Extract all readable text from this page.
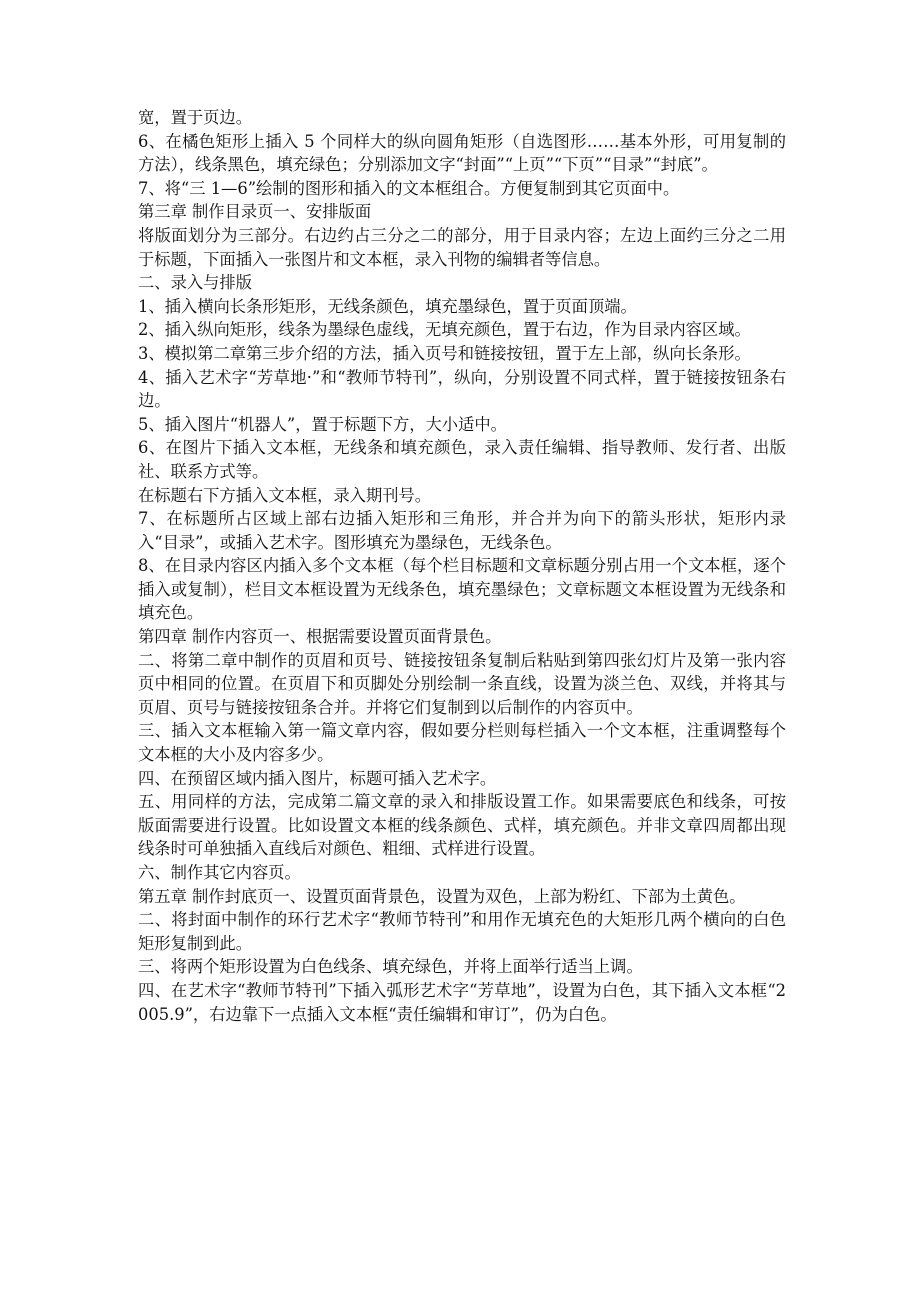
宽，置于页边。

6、在橘色矩形上插入 5 个同样大的纵向圆角矩形（自选图形……基本外形，可用复制的方法），线条黑色，填充绿色；分别添加文字“封面”“上页”“下页”“目录”“封底”。

7、将“三 1—6”绘制的图形和插入的文本框组合。方便复制到其它页面中。

第三章 制作目录页一、安排版面

将版面划分为三部分。右边约占三分之二的部分，用于目录内容；左边上面约三分之二用于标题，下面插入一张图片和文本框，录入刊物的编辑者等信息。

二、录入与排版

1、插入横向长条形矩形，无线条颜色，填充墨绿色，置于页面顶端。

2、插入纵向矩形，线条为墨绿色虚线，无填充颜色，置于右边，作为目录内容区域。

3、模拟第二章第三步介绍的方法，插入页号和链接按钮，置于左上部，纵向长条形。

4、插入艺术字“芳草地·”和“教师节特刊”，纵向，分别设置不同式样，置于链接按钮条右边。

5、插入图片“机器人”，置于标题下方，大小适中。

6、在图片下插入文本框，无线条和填充颜色，录入责任编辑、指导教师、发行者、出版社、联系方式等。

在标题右下方插入文本框，录入期刊号。

7、在标题所占区域上部右边插入矩形和三角形，并合并为向下的箭头形状，矩形内录入“目录”，或插入艺术字。图形填充为墨绿色，无线条色。

8、在目录内容区内插入多个文本框（每个栏目标题和文章标题分别占用一个文本框，逐个插入或复制），栏目文本框设置为无线条色，填充墨绿色；文章标题文本框设置为无线条和填充色。

第四章 制作内容页一、根据需要设置页面背景色。

二、将第二章中制作的页眉和页号、链接按钮条复制后粘贴到第四张幻灯片及第一张内容页中相同的位置。在页眉下和页脚处分别绘制一条直线，设置为淡兰色、双线，并将其与页眉、页号与链接按钮条合并。并将它们复制到以后制作的内容页中。

三、插入文本框输入第一篇文章内容，假如要分栏则每栏插入一个文本框，注重调整每个文本框的大小及内容多少。

四、在预留区域内插入图片，标题可插入艺术字。

五、用同样的方法，完成第二篇文章的录入和排版设置工作。如果需要底色和线条，可按版面需要进行设置。比如设置文本框的线条颜色、式样，填充颜色。并非文章四周都出现线条时可单独插入直线后对颜色、粗细、式样进行设置。

六、制作其它内容页。

第五章 制作封底页一、设置页面背景色，设置为双色，上部为粉红、下部为土黄色。

二、将封面中制作的环行艺术字“教师节特刊”和用作无填充色的大矩形几两个横向的白色矩形复制到此。

三、将两个矩形设置为白色线条、填充绿色，并将上面举行适当上调。

四、在艺术字“教师节特刊”下插入弧形艺术字“芳草地”，设置为白色，其下插入文本框“2005.9”，右边靠下一点插入文本框“责任编辑和审订”，仍为白色。
